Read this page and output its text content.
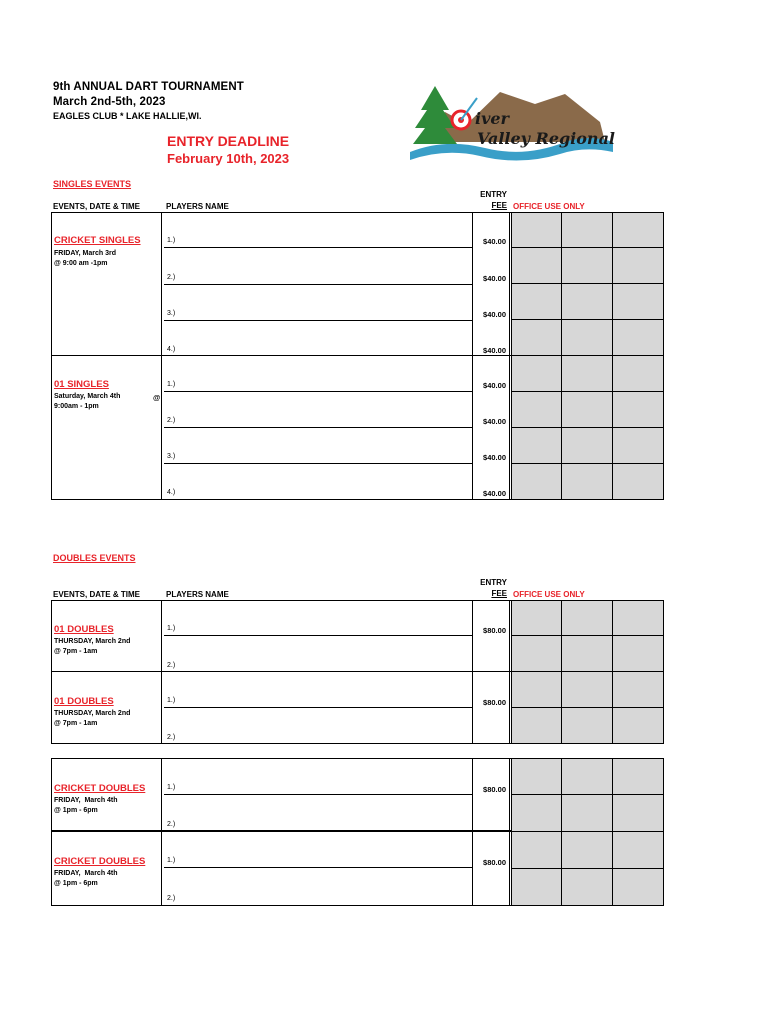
9th ANNUAL DART TOURNAMENT
March 2nd-5th, 2023
EAGLES CLUB * LAKE HALLIE,WI.
ENTRY DEADLINE
February 10th, 2023
iver
Valley Regional
SINGLES EVENTS
EVENTS, DATE & TIME	PLAYERS NAME
ENTRY
FEE OFFICE USE ONLY
CRICKET SINGLES
FRIDAY, March 3rd
@ 9:00 am -1pm
$40.00
$40.00
$40.00
$40.00
1.)
2.)
3.)
4.)
01 SINGLES
Saturday, March 4th
9:00am - 1pm
@
$40.00
$40.00
$40.00
$40.00
1.)
2.)
3.)
4.)
DOUBLES EVENTS
EVENTS, DATE & TIME	PLAYERS NAME
ENTRY
FEE OFFICE USE ONLY
01 DOUBLES
THURSDAY, March 2nd
@ 7pm - 1am
$80.00
1.)
2.)
01 DOUBLES
THURSDAY, March 2nd
@ 7pm - 1am
$80.00
1.)
2.)
CRICKET DOUBLES
FRIDAY,  March 4th
@ 1pm - 6pm
$80.00
1.)
2.)
CRICKET DOUBLES
FRIDAY,  March 4th
@ 1pm - 6pm
$80.00
1.)
2.)
